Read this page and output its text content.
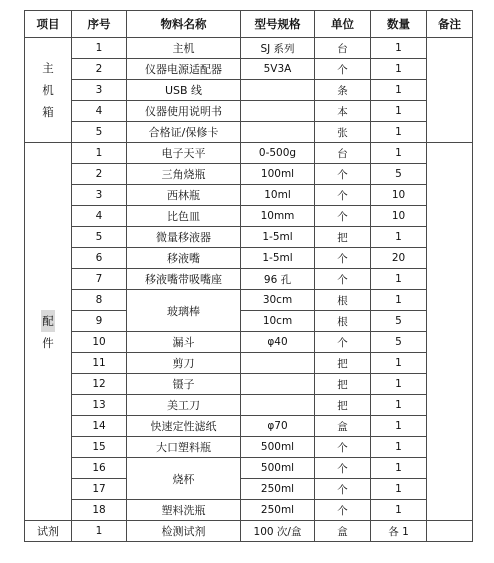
项目	序号	物料名称	型号规格	单位	数量	备注

主
机
箱	1	主机	SJ 系列	台	1	
	2	仪器电源适配器	5V3A	个	1	
	3	USB 线		条	1	
	4	仪器使用说明书		本	1	
	5	合格证/保修卡		张	1	

配
件	1	电子天平	0-500g	台	1	
	2	三角烧瓶	100ml	个	5	
	3	西林瓶	10ml	个	10	
	4	比色皿	10mm	个	10	
	5	微量移液器	1-5ml	把	1	
	6	移液嘴	1-5ml	个	20	
	7	移液嘴带吸嘴座	96 孔	个	1	
	8	玻璃棒	30cm	根	1	
	9		10cm	根	5	
	10	漏斗	φ40	个	5	
	11	剪刀		把	1	
	12	镊子		把	1	
	13	美工刀		把	1	
	14	快速定性滤纸	φ70	盒	1	
	15	大口塑料瓶	500ml	个	1	
	16	烧杯	500ml	个	1	
	17		250ml	个	1	
	18	塑料洗瓶	250ml	个	1	
试剂	1	检测试剂	100 次/盒	盒	各 1	
